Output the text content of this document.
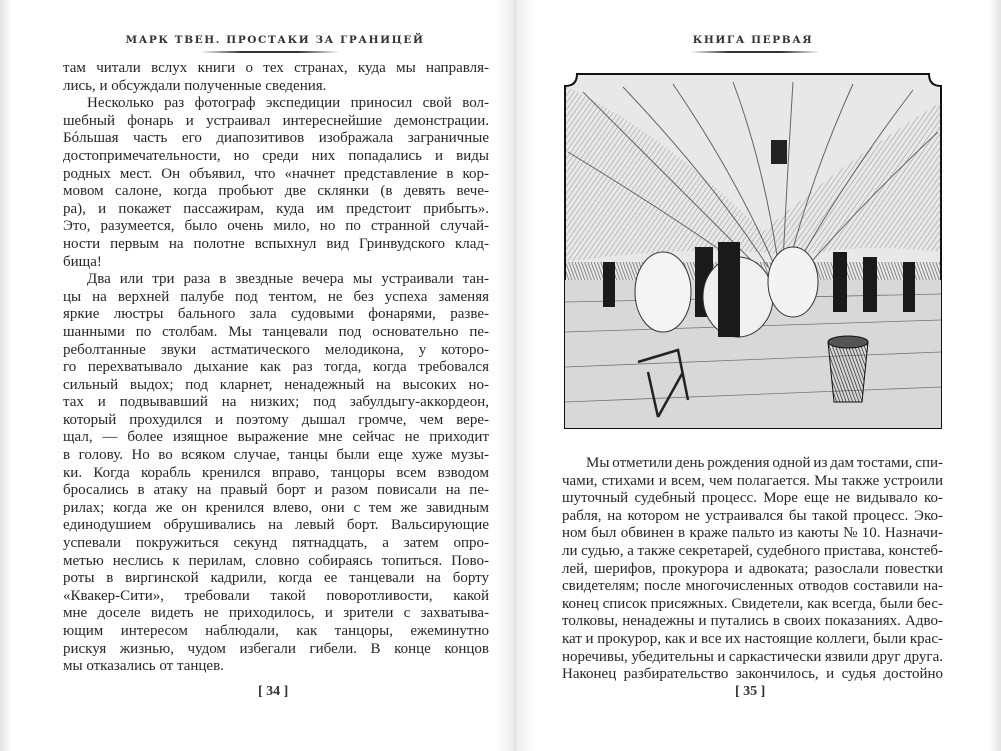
МАРК ТВЕН. ПРОСТАКИ ЗА ГРАНИЦЕЙ	КНИГА ПЕРВАЯ
там читали вслух книги о тех странах, куда мы направля-
лись, и обсуждали полученные сведения.
Несколько раз фотограф экспедиции приносил свой вол-
шебный фонарь и устраивал интереснейшие демонстрации.
Бóльшая часть его диапозитивов изображала заграничные
достопримечательности, но среди них попадались и виды
родных мест. Он объявил, что «начнет представление в кор-
мовом салоне, когда пробьют две склянки (в девять вече-
ра), и покажет пассажирам, куда им предстоит прибыть».
Это, разумеется, было очень мило, но по странной случай-
ности первым на полотне вспыхнул вид Гринвудского клад-
бища!
Два или три раза в звездные вечера мы устраивали тан-
цы на верхней палубе под тентом, не без успеха заменяя
яркие люстры бального зала судовыми фонарями, разве-
шанными по столбам. Мы танцевали под основательно пе-
реболтанные звуки астматического мелодикона, у которо-
го перехватывало дыхание как раз тогда, когда требовался
сильный выдох; под кларнет, ненадежный на высоких но-
тах и подвывавший на низких; под забулдыгу-аккордеон,
который прохудился и поэтому дышал громче, чем вере-
щал, — более изящное выражение мне сейчас не приходит
в голову. Но во всяком случае, танцы были еще хуже музы-
ки. Когда корабль кренился вправо, танцоры всем взводом
бросались в атаку на правый борт и разом повисали на пе-
рилах; когда же он кренился влево, они с тем же завидным
единодушием обрушивались на левый борт. Вальсирующие
успевали покружиться секунд пятнадцать, а затем опро-
метью неслись к перилам, словно собираясь топиться. Пово-
роты в виргинской кадрили, когда ее танцевали на борту
«Квакер-Сити», требовали такой поворотливости, какой
мне доселе видеть не приходилось, и зрители с захватыва-
ющим интересом наблюдали, как танцоры, ежеминутно
рискуя жизнью, чудом избегали гибели. В конце концов
мы отказались от танцев.
Мы отметили день рождения одной из дам тостами, спи-
чами, стихами и всем, чем полагается. Мы также устроили
шуточный судебный процесс. Море еще не видывало ко-
рабля, на котором не устраивался бы такой процесс. Эко-
ном был обвинен в краже пальто из каюты № 10. Назначи-
ли судью, а также секретарей, судебного пристава, констеб-
лей, шерифов, прокурора и адвоката; разослали повестки
свидетелям; после многочисленных отводов составили на-
конец список присяжных. Свидетели, как всегда, были бес-
толковы, ненадежны и путались в своих показаниях. Адво-
кат и прокурор, как и все их настоящие коллеги, были крас-
норечивы, убедительны и саркастически язвили друг друга.
Наконец разбирательство закончилось, и судья достойно
[ 34 ]	[ 35 ]
